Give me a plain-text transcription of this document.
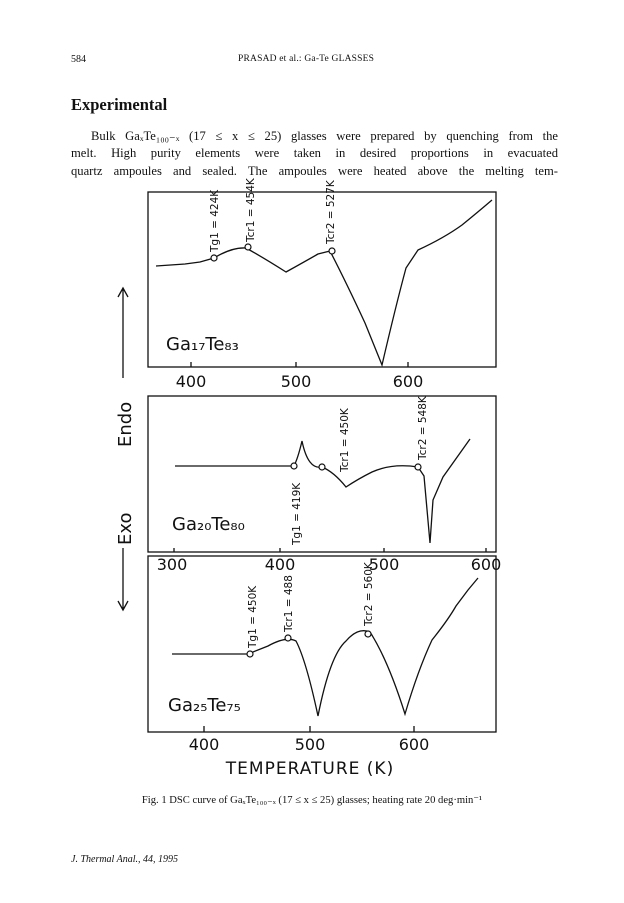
584	PRASAD et al.: Ga-Te GLASSES
Experimental
Bulk GaₓTe₁₀₀₋ₓ (17 ≤ x ≤ 25) glasses were prepared by quenching from the
melt. High purity elements were taken in desired proportions in evacuated
quartz ampoules and sealed. The ampoules were heated above the melting tem-
Ga₁₇Te₈₃
Ga₂₀Te₈₀
Ga₂₅Te₇₅
400	500	600
300	400	500	600
400	500	600
Tg1 = 424K Tcr1 = 454K	Tcr2 = 527K
Tg1 = 419K
Tcr1 = 450K	Tcr2 = 548K
Tg1 = 450K Tcr1 = 488	Tcr2 = 560K
Endo
Exo
TEMPERATURE (K)
Fig. 1 DSC curve of GaₓTe₁₀₀₋ₓ (17 ≤ x ≤ 25) glasses; heating rate 20 deg·min⁻¹
J. Thermal Anal., 44, 1995
